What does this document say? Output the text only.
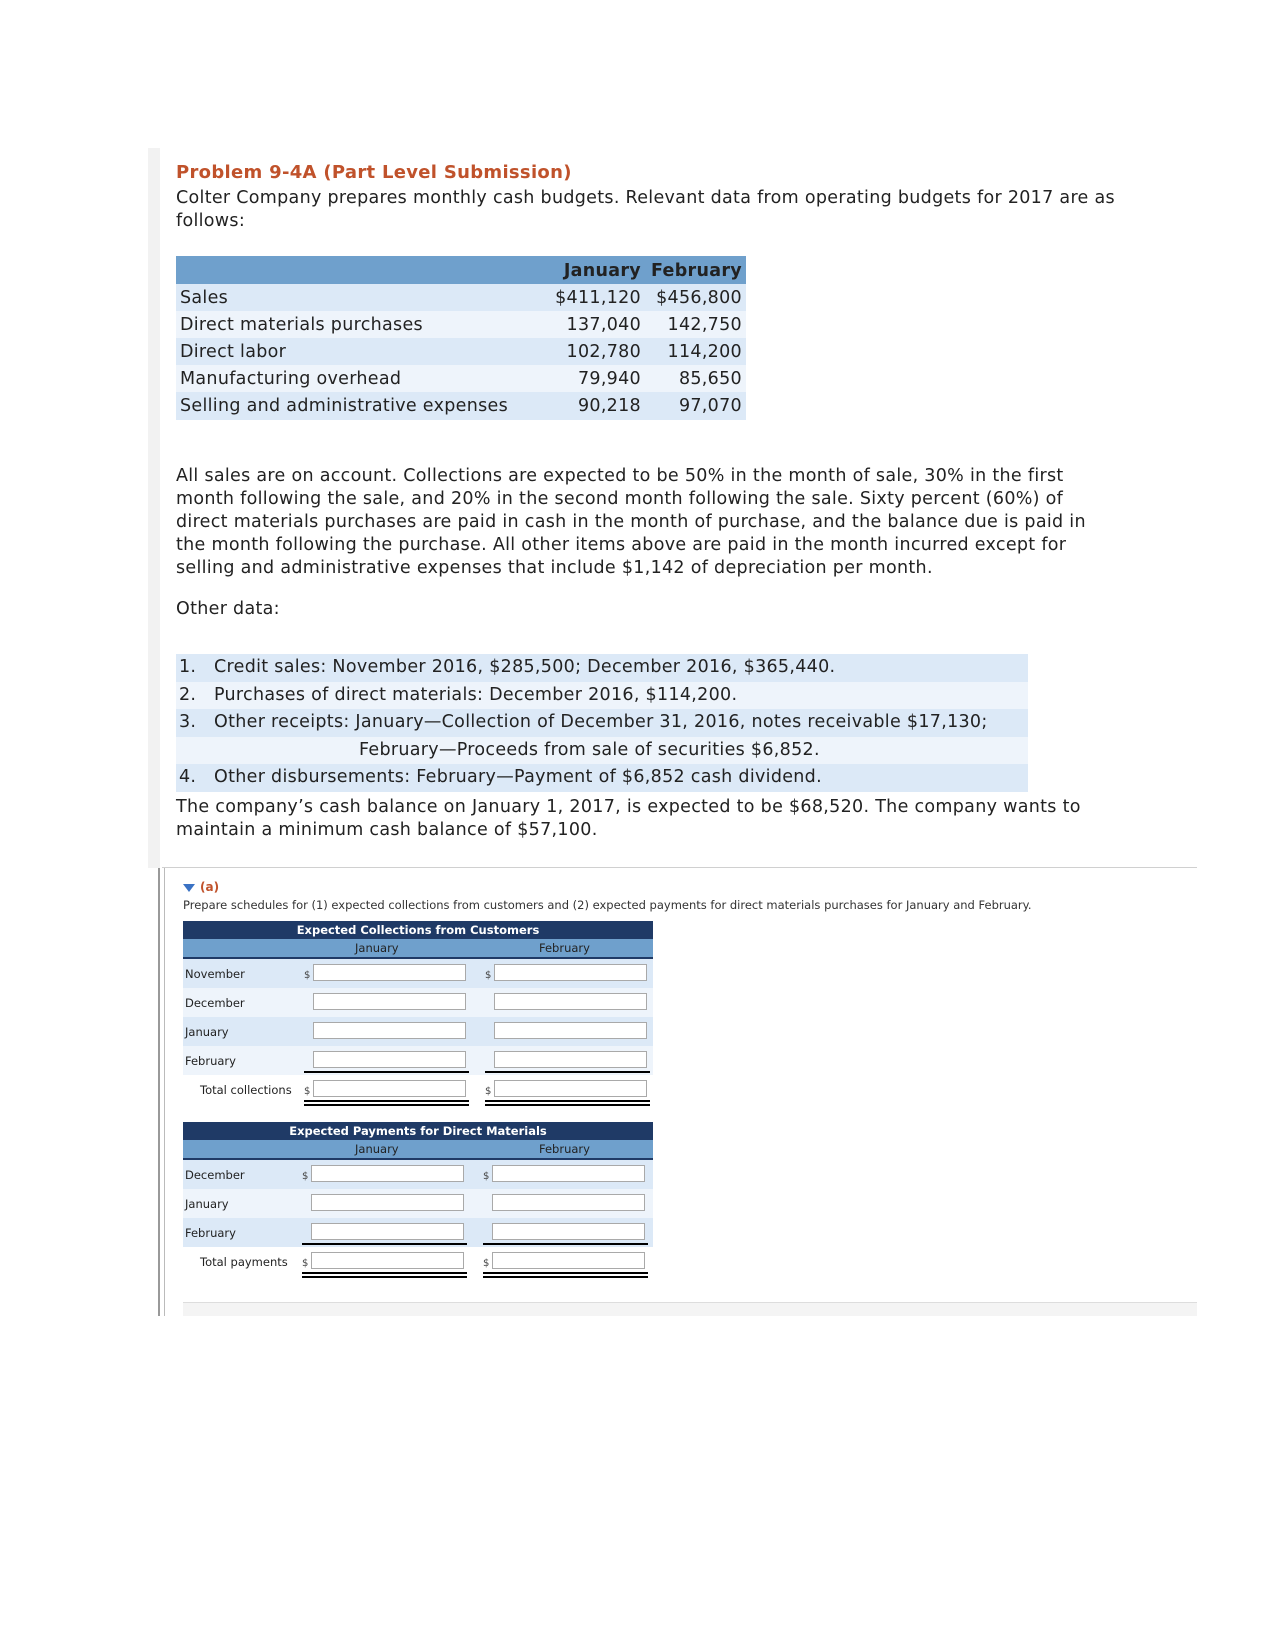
Problem 9-4A (Part Level Submission)

Colter Company prepares monthly cash budgets. Relevant data from operating budgets for 2017 are as follows:

	January	February
Sales	$411,120	$456,800
Direct materials purchases	137,040	142,750
Direct labor	102,780	114,200
Manufacturing overhead	79,940	85,650
Selling and administrative expenses	90,218	97,070

All sales are on account. Collections are expected to be 50% in the month of sale, 30% in the first month following the sale, and 20% in the second month following the sale. Sixty percent (60%) of direct materials purchases are paid in cash in the month of purchase, and the balance due is paid in the month following the purchase. All other items above are paid in the month incurred except for selling and administrative expenses that include $1,142 of depreciation per month.

Other data:

1. Credit sales: November 2016, $285,500; December 2016, $365,440.
2. Purchases of direct materials: December 2016, $114,200.
3. Other receipts: January—Collection of December 31, 2016, notes receivable $17,130;
February—Proceeds from sale of securities $6,852.
4. Other disbursements: February—Payment of $6,852 cash dividend.

The company’s cash balance on January 1, 2017, is expected to be $68,520. The company wants to maintain a minimum cash balance of $57,100.

(a)
Prepare schedules for (1) expected collections from customers and (2) expected payments for direct materials purchases for January and February.
Expected Collections from Customers
January	February
November	$	$
December
January
February
Total collections $	$
Expected Payments for Direct Materials
January	February
December	$	$
January
February
Total payments $	$
